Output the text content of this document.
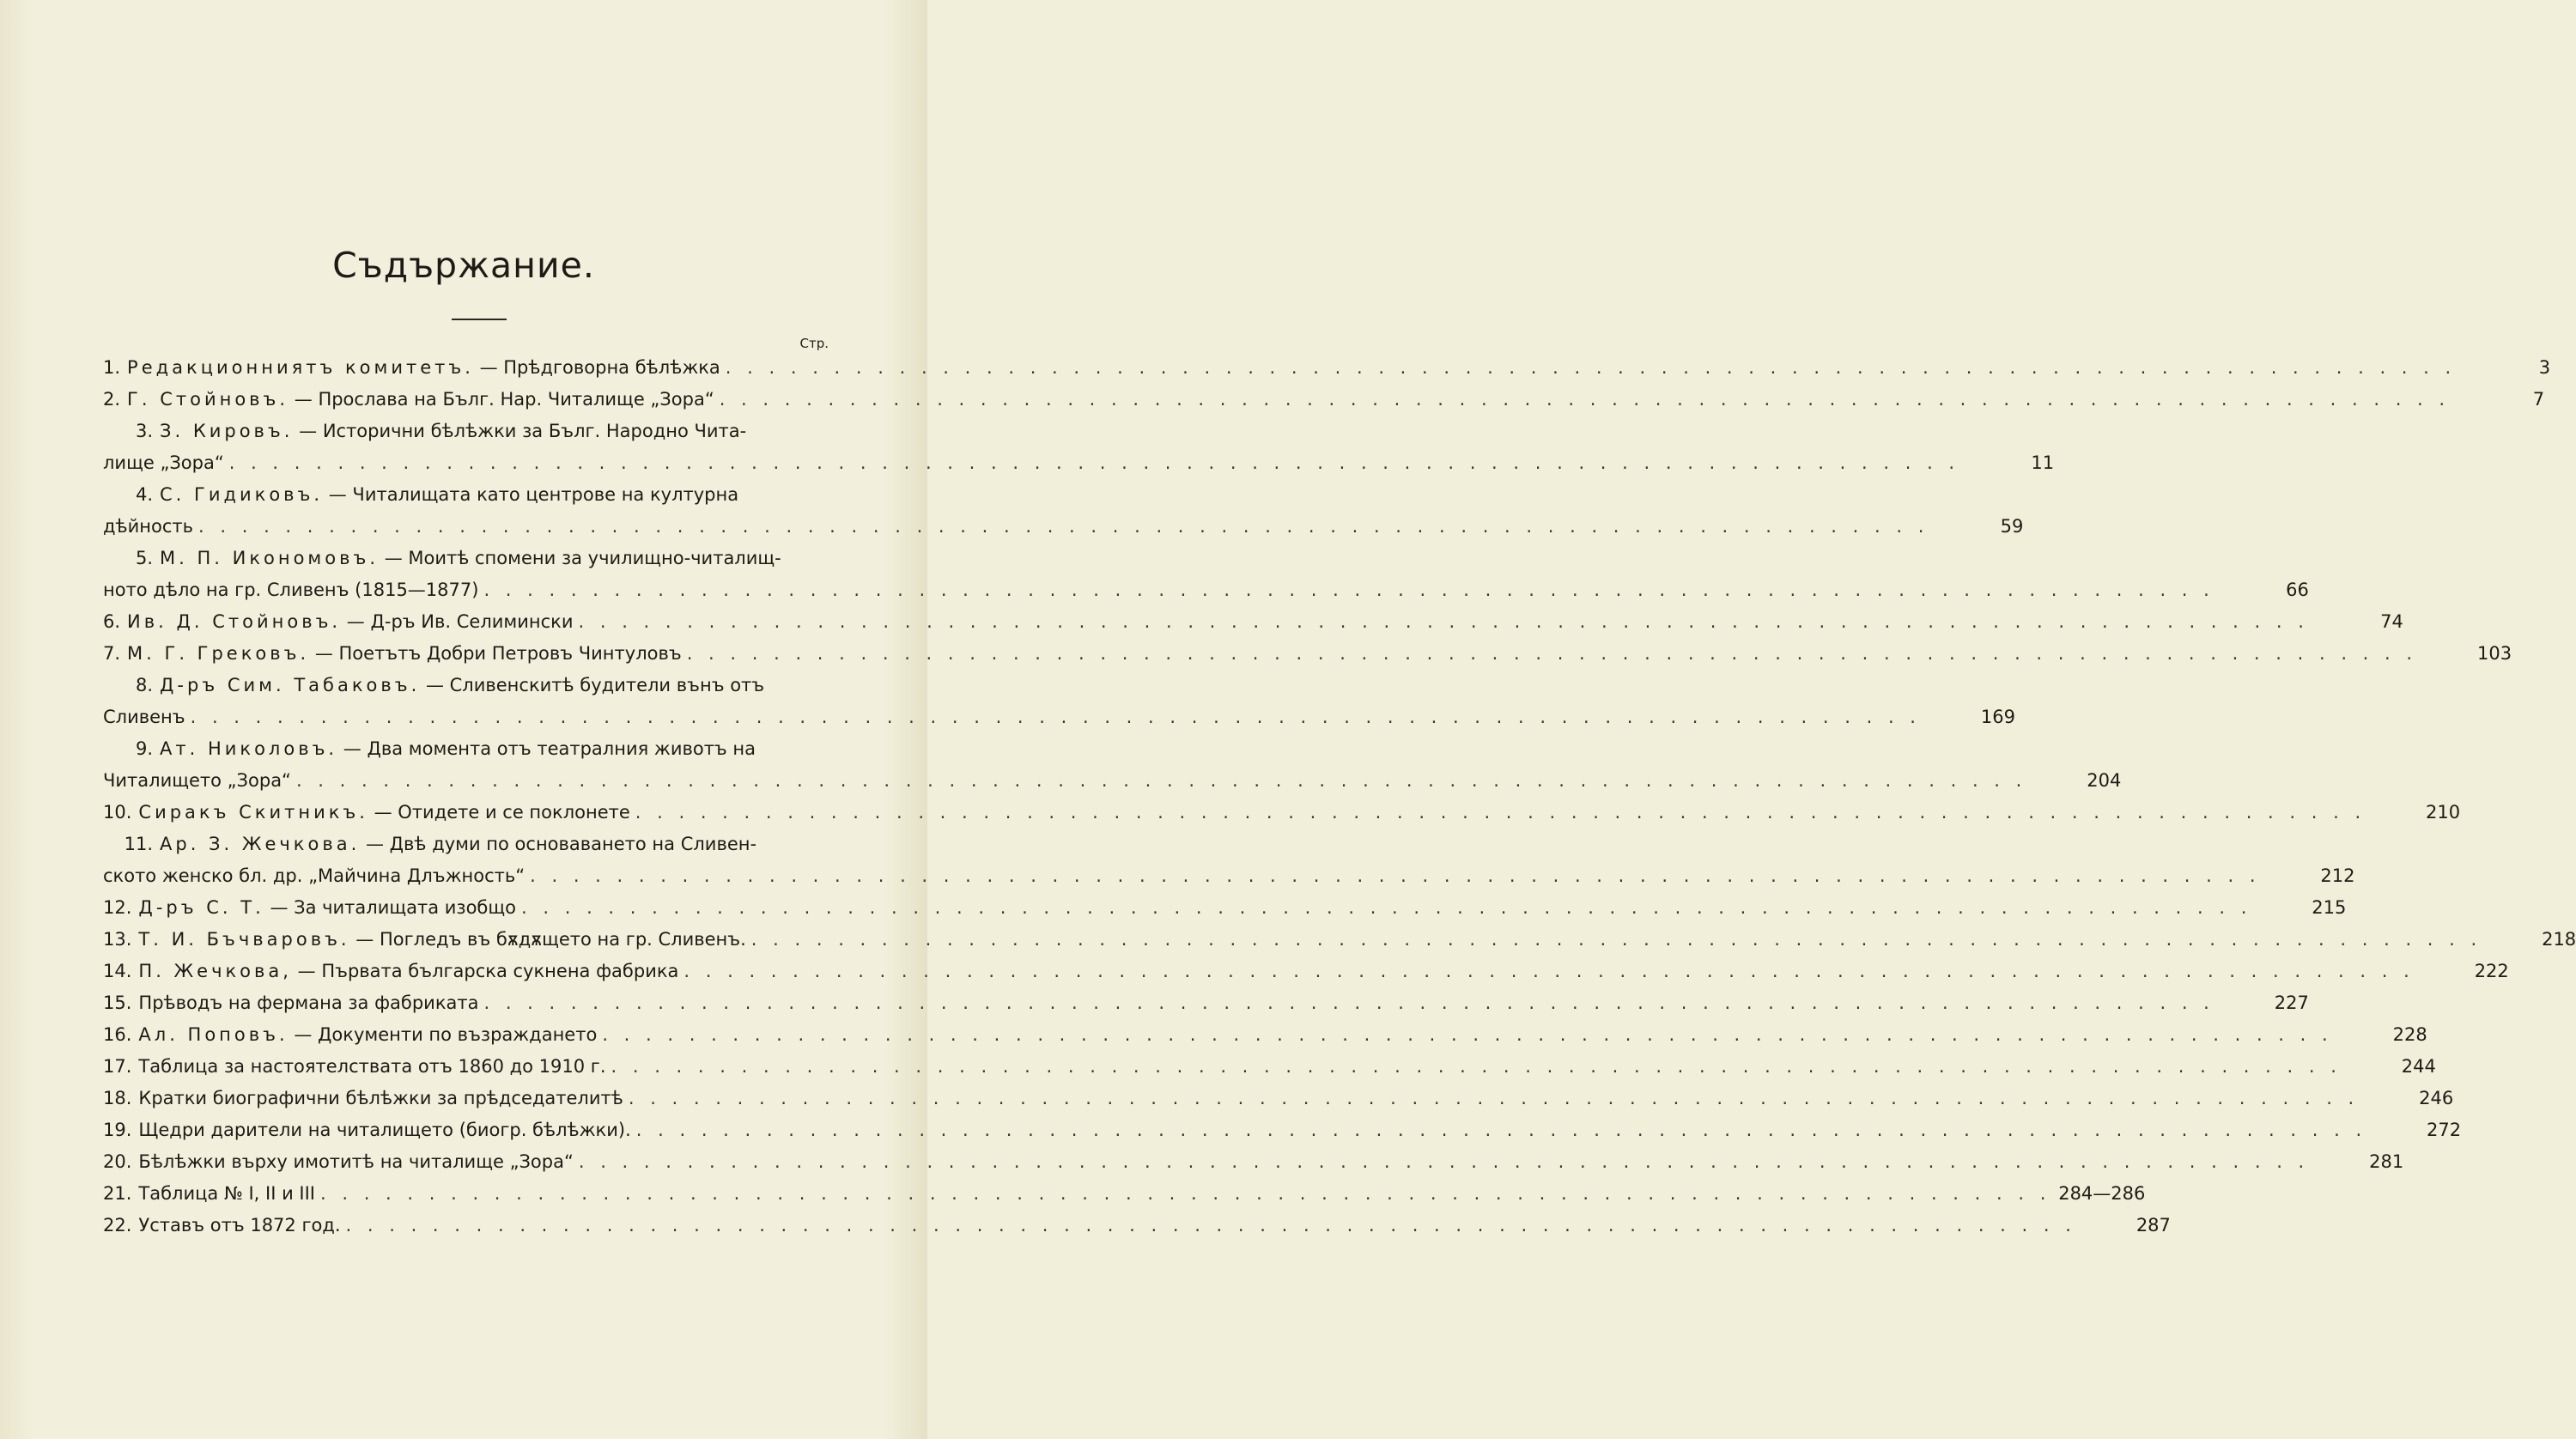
Съдържание.
Стр.
1. Редакционниятъ комитетъ. — Прѣдговорна бѣлѣжка . . .	3
2. Г. Стойновъ. — Прослава на Бълг. Нар. Читалище „Зора“ . . .	7
3. З. Кировъ. — Исторични бѣлѣжки за Бълг. Народно Чита-
лище „Зора“ . . .	11
4. С. Гидиковъ. — Читалищата като центрове на културна
дѣйность . . .	59
5. М. П. Икономовъ. — Моитѣ спомени за училищно-читалищ-
ното дѣло на гр. Сливенъ (1815—1877) . . .	66
6. Ив. Д. Стойновъ. — Д-ръ Ив. Селимински . . .	74
7. М. Г. Грековъ. — Поетътъ Добри Петровъ Чинтуловъ . . .	103
8. Д-ръ Сим. Табаковъ. — Сливенскитѣ будители вънъ отъ
Сливенъ . . .	169
9. Ат. Николовъ. — Два момента отъ театралния животъ на
Читалището „Зора“ . . .	204
10. Сиракъ Скитникъ. — Отидете и се поклонете . . .	210
11. Ар. З. Жечкова. — Двѣ думи по основаването на Сливен-
ското женско бл. др. „Майчина Длъжность“ . . .	212
12. Д-ръ С. Т. — За читалищата изобщо . . .	215
13. Т. И. Бъчваровъ. — Погледъ въ бѫдѫщето на гр. Сливенъ. . . .	218
14. П. Жечкова, — Първата българска сукнена фабрика . . .	222
15. Прѣводъ на фермана за фабриката . . .	227
16. Ал. Поповъ. — Документи по възраждането . . .	228
17. Таблица за настоятелствата отъ 1860 до 1910 г. . . .	244
18. Кратки биографични бѣлѣжки за прѣдседателитѣ . . .	246
19. Щедри дарители на читалището (биогр. бѣлѣжки). . . .	272
20. Бѣлѣжки върху имотитѣ на читалище „Зора“ . . .	281
21. Таблица № I, II и III . . .	284—286
22. Уставъ отъ 1872 год. . . .	287
